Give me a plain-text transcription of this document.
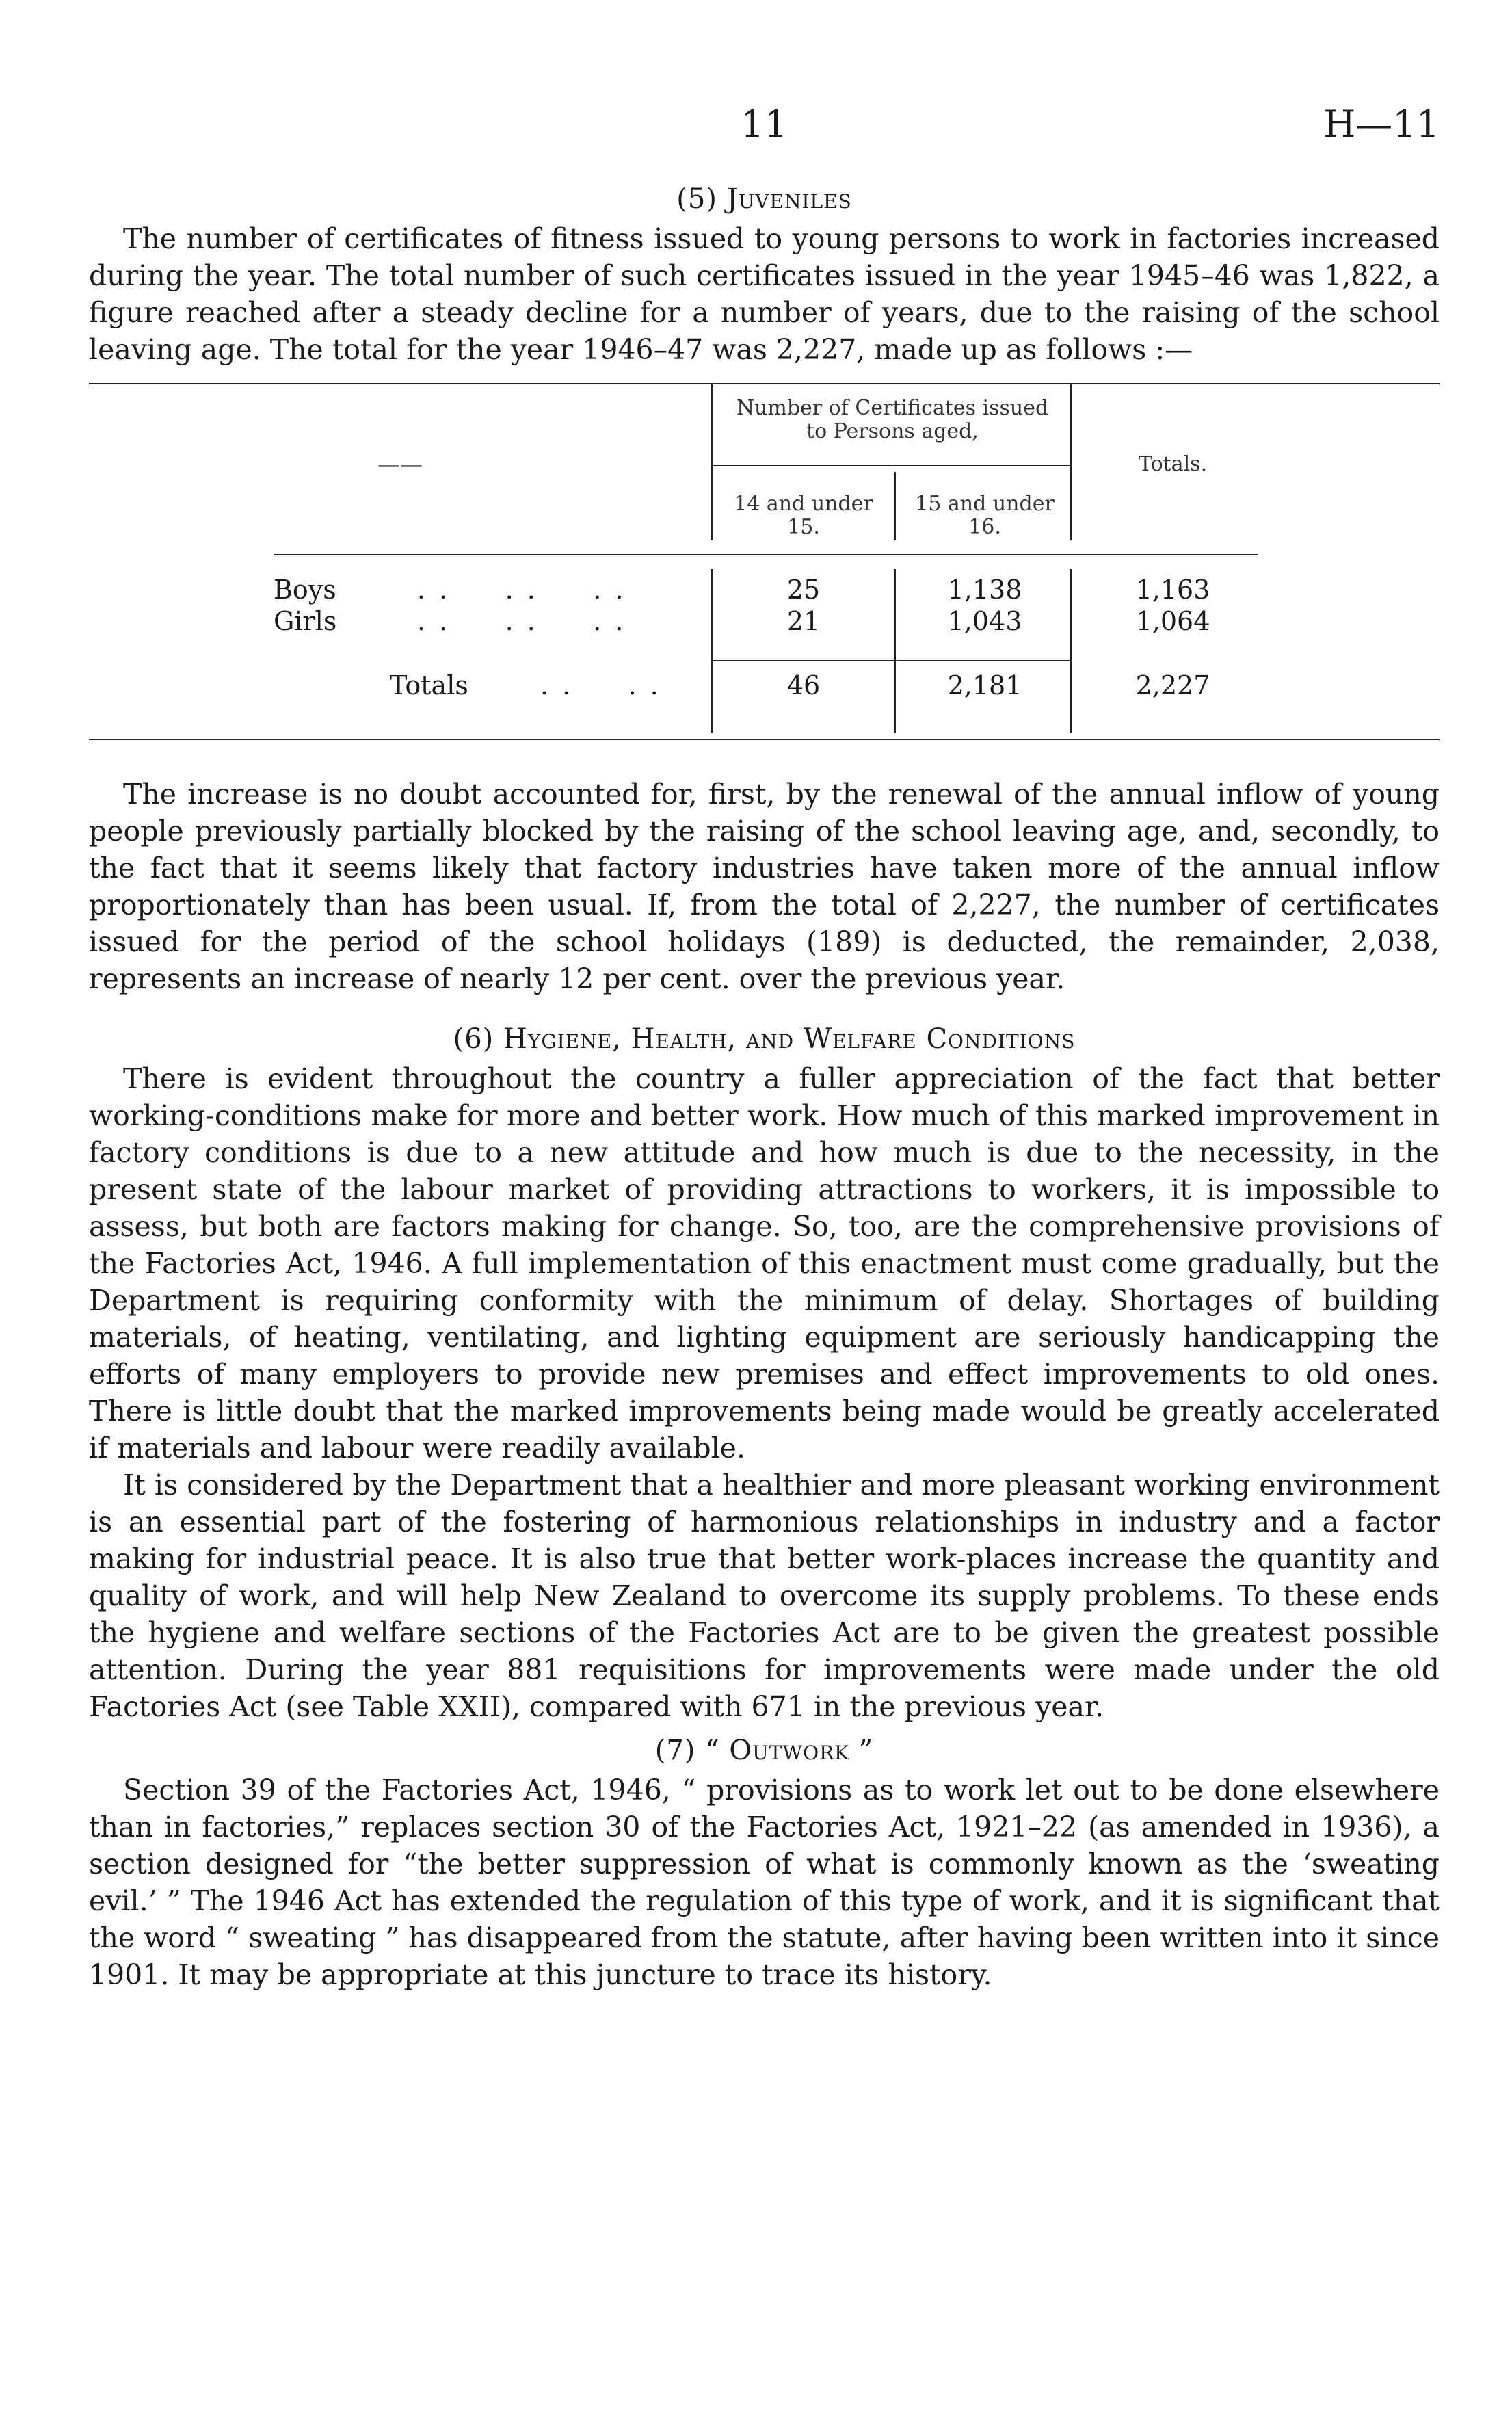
11	H—11
(5) Juveniles

The number of certificates of fitness issued to young persons to work in factories increased during the year. The total number of such certificates issued in the year 1945–46 was 1,822, a figure reached after a steady decline for a number of years, due to the raising of the school leaving age. The total for the year 1946–47 was 2,227, made up as follows :—

——
Number of Certificates issued to Persons aged,
14 and under 15.
15 and under 16.
Totals.
Boys	. .     . .     . .	25	1,138	1,163
Girls	. .     . .     . .	21	1,043	1,064
Totals	. .     . .	46	2,181	2,227

The increase is no doubt accounted for, first, by the renewal of the annual inflow of young people previously partially blocked by the raising of the school leaving age, and, secondly, to the fact that it seems likely that factory industries have taken more of the annual inflow proportionately than has been usual. If, from the total of 2,227, the number of certificates issued for the period of the school holidays (189) is deducted, the remainder, 2,038, represents an increase of nearly 12 per cent. over the previous year.

(6) Hygiene, Health, and Welfare Conditions

There is evident throughout the country a fuller appreciation of the fact that better working-conditions make for more and better work. How much of this marked improvement in factory conditions is due to a new attitude and how much is due to the necessity, in the present state of the labour market of providing attractions to workers, it is impossible to assess, but both are factors making for change. So, too, are the comprehensive provisions of the Factories Act, 1946. A full implementation of this enactment must come gradually, but the Department is requiring conformity with the minimum of delay. Shortages of building materials, of heating, ventilating, and lighting equipment are seriously handicapping the efforts of many employers to provide new premises and effect improvements to old ones. There is little doubt that the marked improvements being made would be greatly accelerated if materials and labour were readily available.

It is considered by the Department that a healthier and more pleasant working environment is an essential part of the fostering of harmonious relationships in industry and a factor making for industrial peace. It is also true that better work-places increase the quantity and quality of work, and will help New Zealand to overcome its supply problems. To these ends the hygiene and welfare sections of the Factories Act are to be given the greatest possible attention. During the year 881 requisitions for improvements were made under the old Factories Act (see Table XXII), compared with 671 in the previous year.

(7) “ Outwork ”

Section 39 of the Factories Act, 1946, “ provisions as to work let out to be done elsewhere than in factories,” replaces section 30 of the Factories Act, 1921–22 (as amended in 1936), a section designed for “the better suppression of what is commonly known as the ‘sweating evil.’ ” The 1946 Act has extended the regulation of this type of work, and it is significant that the word “ sweating ” has disappeared from the statute, after having been written into it since 1901. It may be appropriate at this juncture to trace its history.
